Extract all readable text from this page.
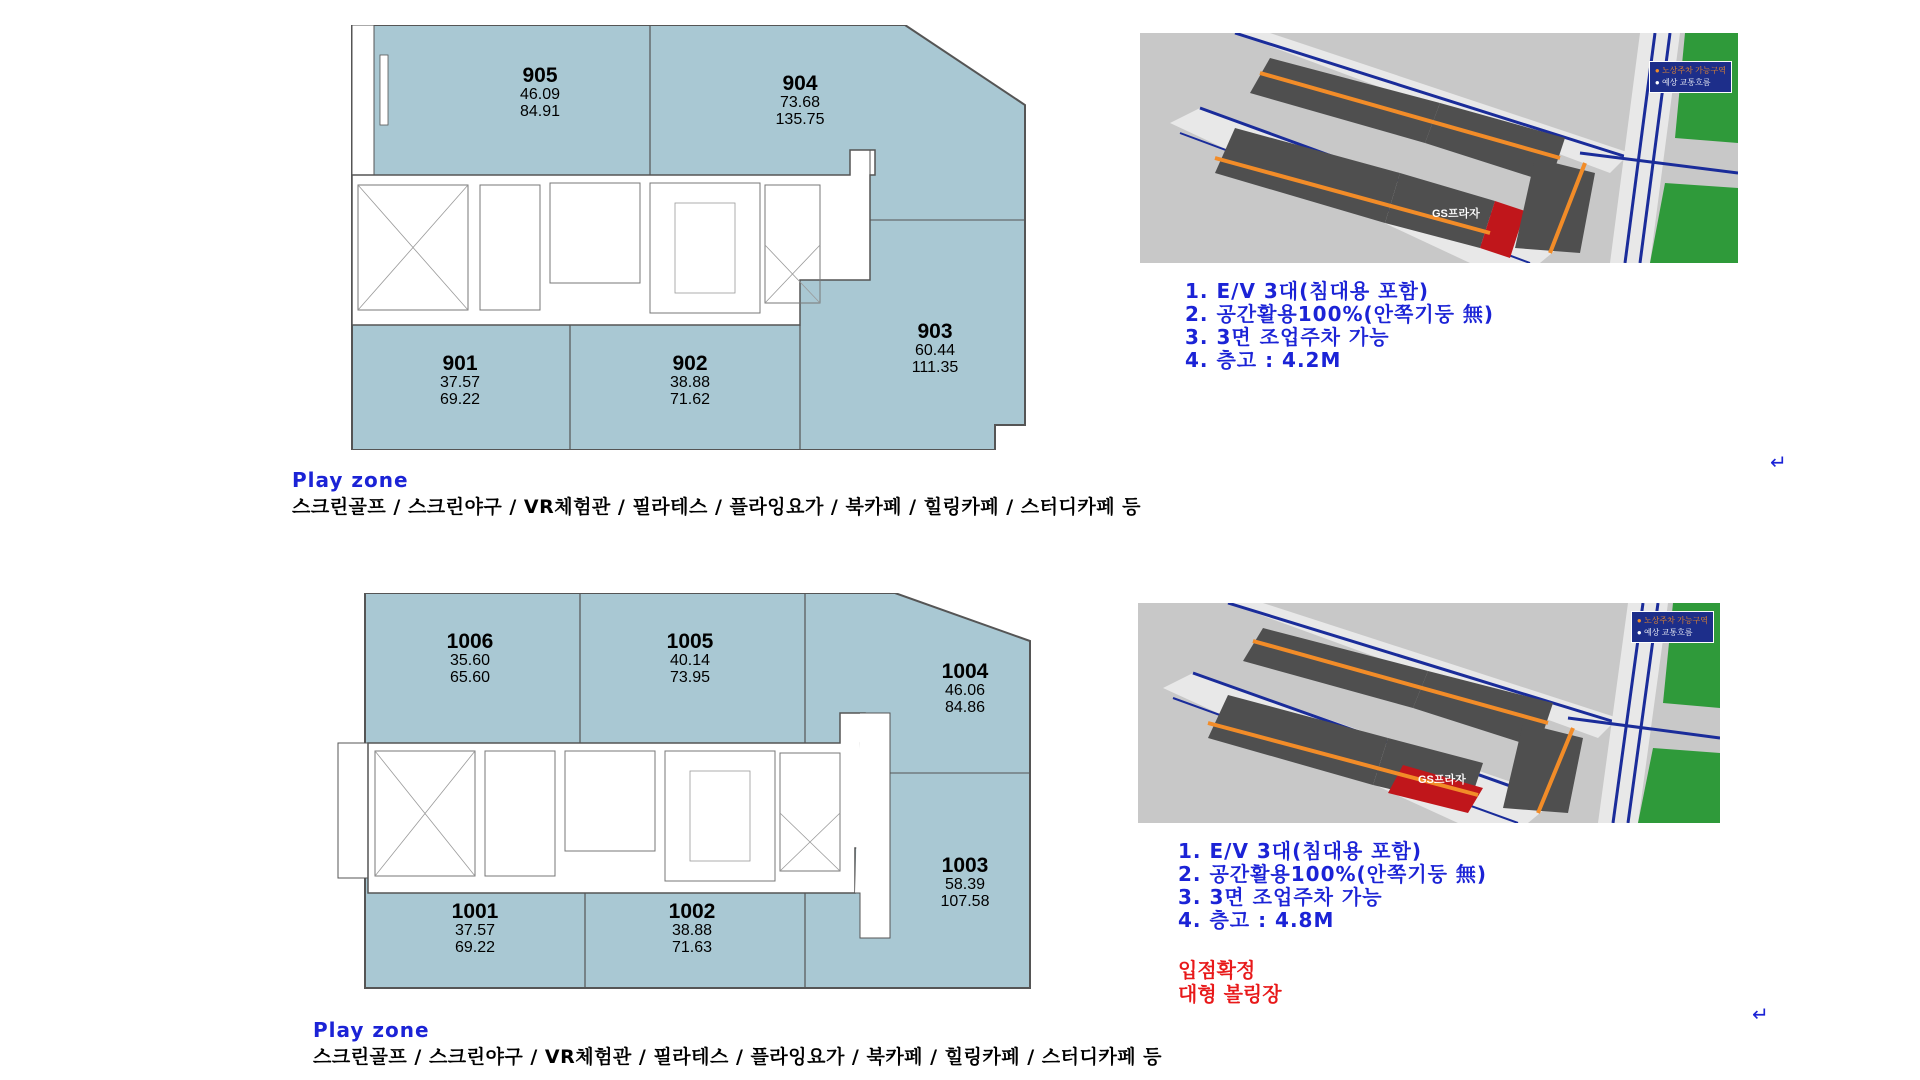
905
46.09
84.91
904
73.68
135.75
903
60.44
111.35
901
37.57
69.22
902
38.88
71.62
● 노상주차 가능구역
● 예상 교통흐름
GS프라자
1. E/V 3대(침대용 포함)
2. 공간활용100%(안쪽기둥 無)
3. 3면 조업주차 가능
4. 층고 : 4.2M
↵
Play zone
스크린골프 / 스크린야구 / VR체험관 / 필라테스 / 플라잉요가 / 북카페 / 힐링카페 / 스터디카페 등
1006
35.60
65.60
1005
40.14
73.95	1004
46.06
84.86
1003
58.39
107.58
1001
37.57
69.22
1002
38.88
71.63
● 노상주차 가능구역
● 예상 교통흐름
GS프라자
1. E/V 3대(침대용 포함)
2. 공간활용100%(안쪽기둥 無)
3. 3면 조업주차 가능
4. 층고 : 4.8M
입점확정
대형 볼링장
↵
Play zone
스크린골프 / 스크린야구 / VR체험관 / 필라테스 / 플라잉요가 / 북카페 / 힐링카페 / 스터디카페 등
